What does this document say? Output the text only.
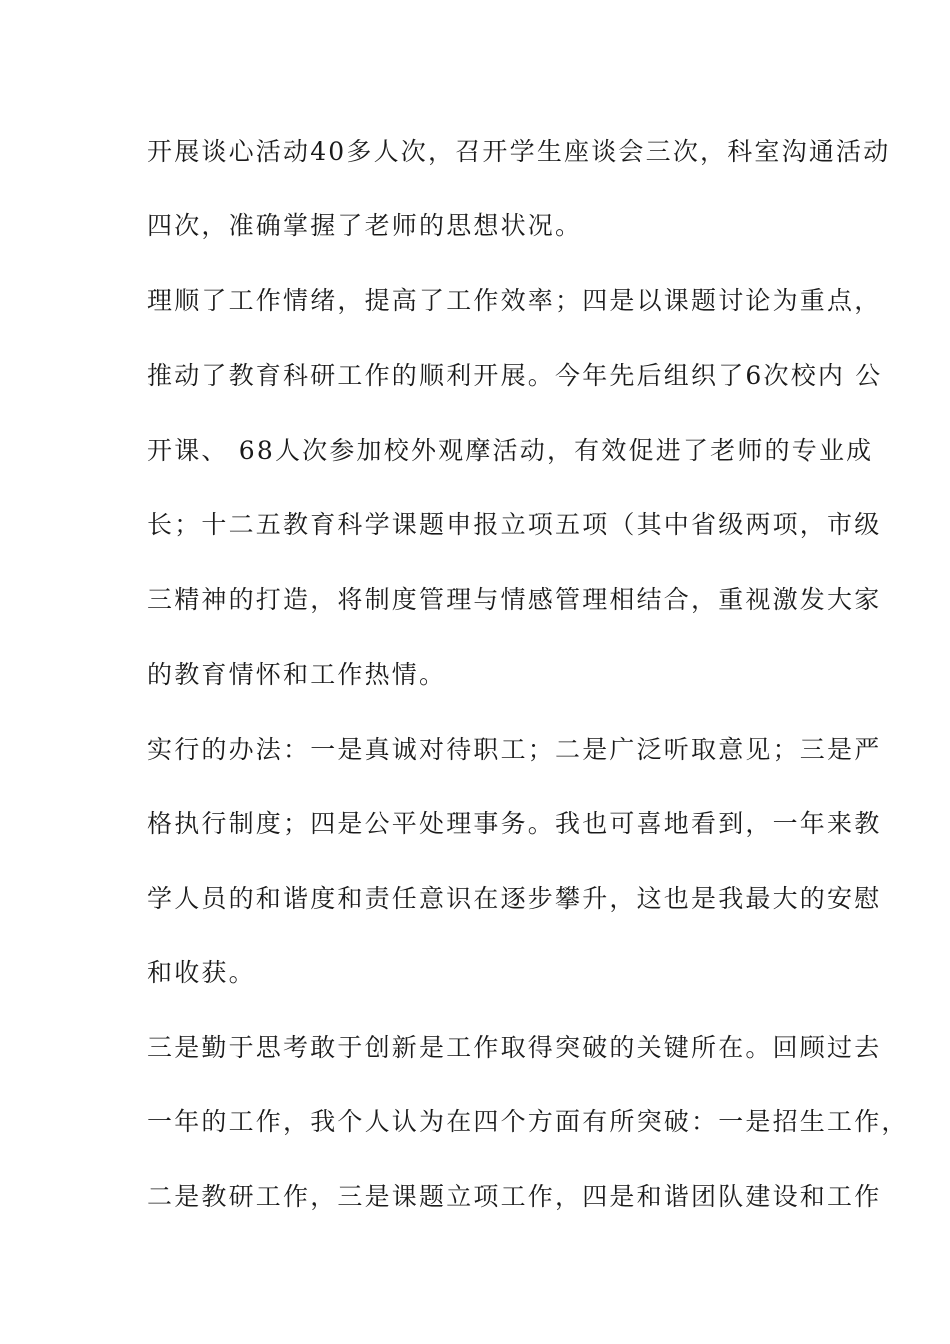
开展谈心活动40多人次，召开学生座谈会三次，科室沟通活动
四次，准确掌握了老师的思想状况。
理顺了工作情绪，提高了工作效率；四是以课题讨论为重点，
推动了教育科研工作的顺利开展。今年先后组织了6次校内 公
开课、 68人次参加校外观摩活动，有效促进了老师的专业成
长；十二五教育科学课题申报立项五项（其中省级两项，市级
三精神的打造，将制度管理与情感管理相结合，重视激发大家
的教育情怀和工作热情。
实行的办法：一是真诚对待职工；二是广泛听取意见；三是严
格执行制度；四是公平处理事务。我也可喜地看到，一年来教
学人员的和谐度和责任意识在逐步攀升，这也是我最大的安慰
和收获。
三是勤于思考敢于创新是工作取得突破的关键所在。回顾过去
一年的工作，我个人认为在四个方面有所突破：一是招生工作，
二是教研工作，三是课题立项工作，四是和谐团队建设和工作
